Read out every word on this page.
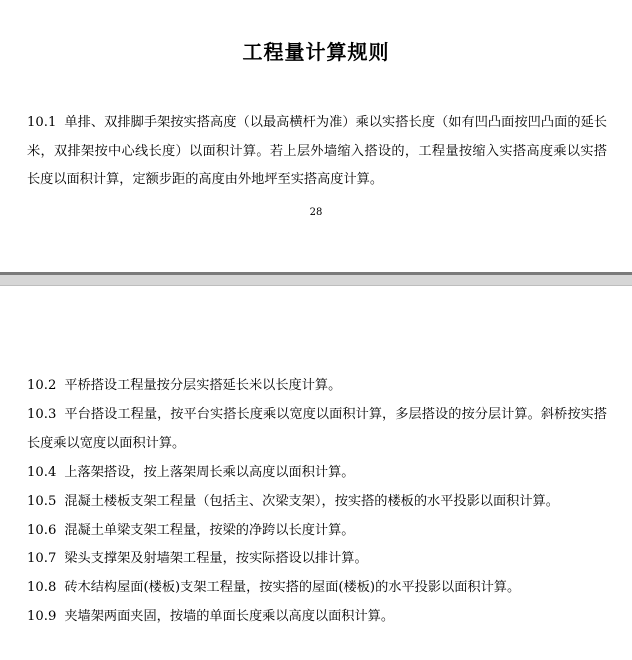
工程量计算规则

10.1 单排、双排脚手架按实搭高度（以最高横杆为准）乘以实搭长度（如有凹凸面按凹凸面的延长米，双排架按中心线长度）以面积计算。若上层外墙缩入搭设的，工程量按缩入实搭高度乘以实搭长度以面积计算，定额步距的高度由外地坪至实搭高度计算。

28

10.2 平桥搭设工程量按分层实搭延长米以长度计算。

10.3 平台搭设工程量，按平台实搭长度乘以宽度以面积计算，多层搭设的按分层计算。斜桥按实搭长度乘以宽度以面积计算。

10.4 上落架搭设，按上落架周长乘以高度以面积计算。

10.5 混凝土楼板支架工程量（包括主、次梁支架），按实搭的楼板的水平投影以面积计算。

10.6 混凝土单梁支架工程量，按梁的净跨以长度计算。

10.7 梁头支撑架及射墙架工程量，按实际搭设以排计算。

10.8 砖木结构屋面(楼板)支架工程量，按实搭的屋面(楼板)的水平投影以面积计算。

10.9 夹墙架两面夹固，按墙的单面长度乘以高度以面积计算。
